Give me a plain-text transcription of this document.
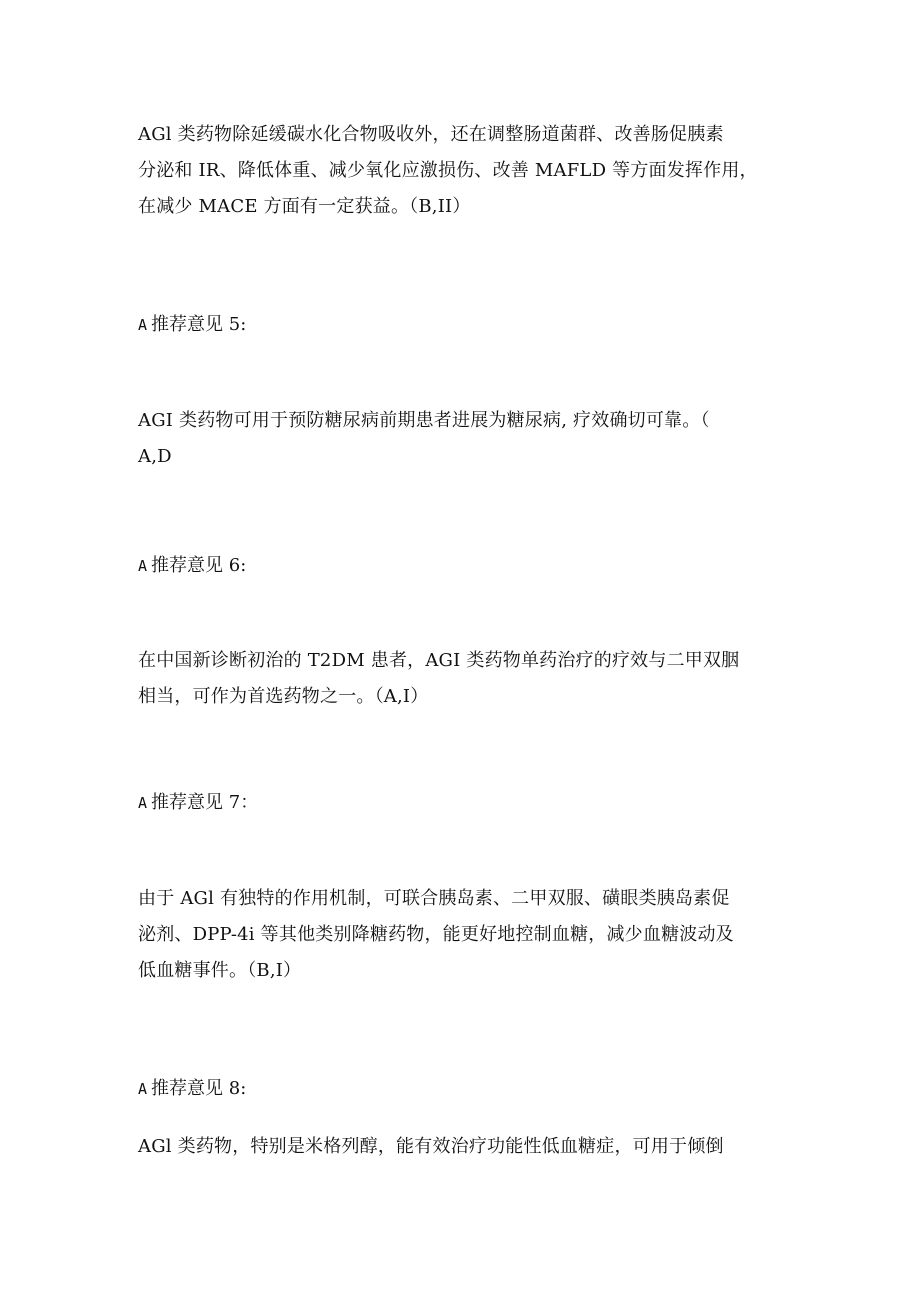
AGl 类药物除延缓碳水化合物吸收外，还在调整肠道菌群、改善肠促胰素
分泌和 IR、降低体重、减少氧化应激损伤、改善 MAFLD 等方面发挥作用，
在减少 MACE 方面有一定获益。（B,II）

A 推荐意见 5:

AGI 类药物可用于预防糖尿病前期患者进展为糖尿病, 疗效确切可靠。（
A,D

A 推荐意见 6:

在中国新诊断初治的 T2DM 患者，AGI 类药物单药治疗的疗效与二甲双胭
相当，可作为首选药物之一。（A,I）

A 推荐意见 7：

由于 AGl 有独特的作用机制，可联合胰岛素、二甲双服、磺眼类胰岛素促
泌剂、DPP-4i 等其他类别降糖药物，能更好地控制血糖，减少血糖波动及
低血糖事件。（B,I）

A 推荐意见 8:

AGl 类药物，特别是米格列醇，能有效治疗功能性低血糖症，可用于倾倒
